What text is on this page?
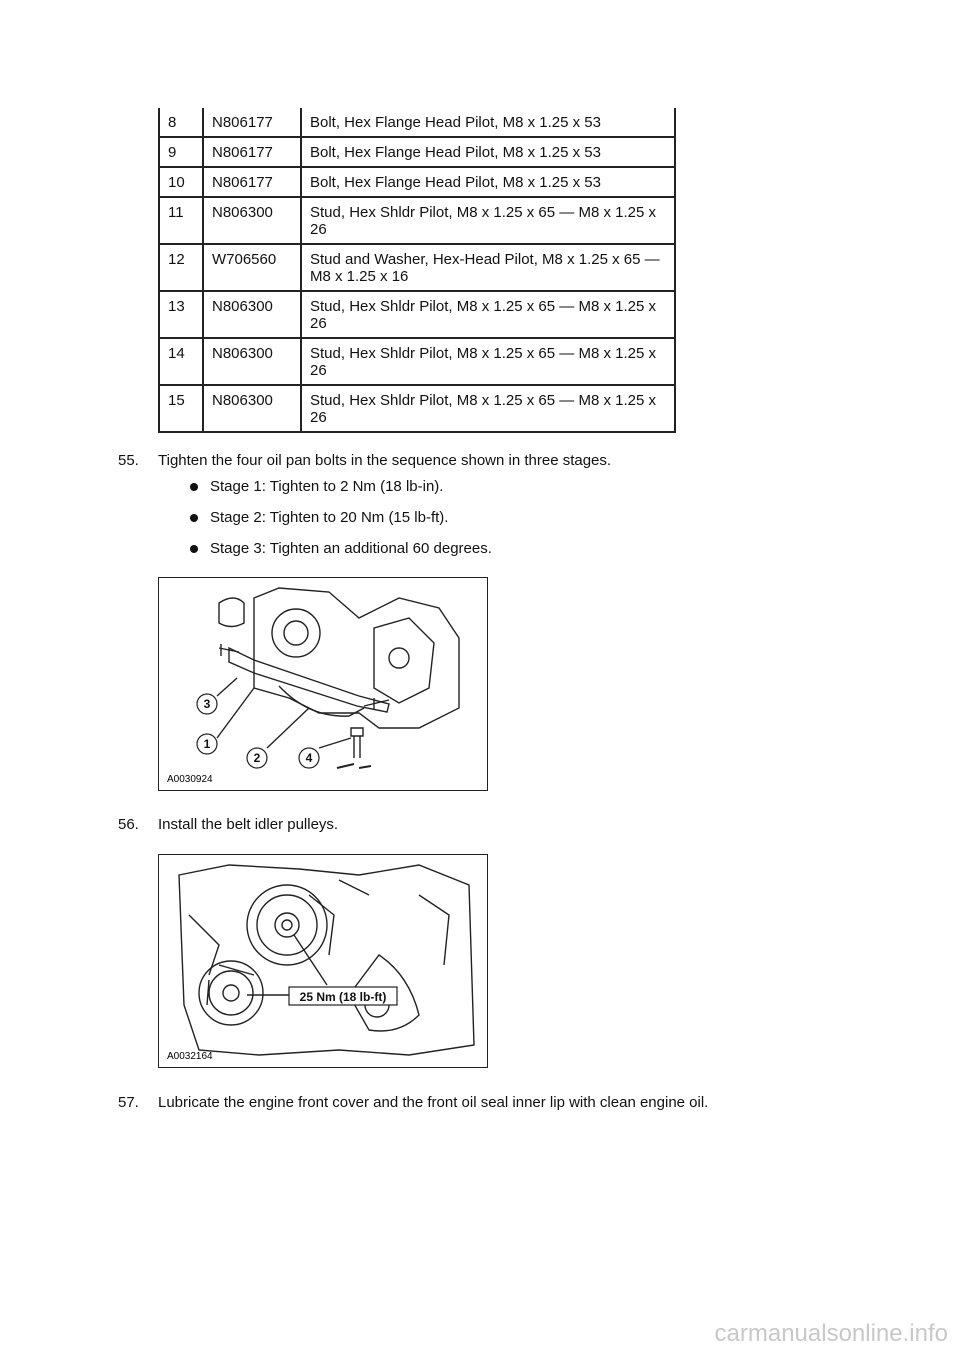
8	N806177	Bolt, Hex Flange Head Pilot, M8 x 1.25 x 53
9	N806177	Bolt, Hex Flange Head Pilot, M8 x 1.25 x 53
10	N806177	Bolt, Hex Flange Head Pilot, M8 x 1.25 x 53
11	N806300	Stud, Hex Shldr Pilot, M8 x 1.25 x 65 — M8 x 1.25 x 26
12	W706560	Stud and Washer, Hex-Head Pilot, M8 x 1.25 x 65 — M8 x 1.25 x 16
13	N806300	Stud, Hex Shldr Pilot, M8 x 1.25 x 65 — M8 x 1.25 x 26
14	N806300	Stud, Hex Shldr Pilot, M8 x 1.25 x 65 — M8 x 1.25 x 26
15	N806300	Stud, Hex Shldr Pilot, M8 x 1.25 x 65 — M8 x 1.25 x 26
55. Tighten the four oil pan bolts in the sequence shown in three stages.
Stage 1: Tighten to 2 Nm (18 lb-in).
Stage 2: Tighten to 20 Nm (15 lb-ft).
Stage 3: Tighten an additional 60 degrees.
3
1
2	4
A0030924
56. Install the belt idler pulleys.
25 Nm (18 lb-ft)
A0032164
57. Lubricate the engine front cover and the front oil seal inner lip with clean engine oil.
carmanualsonline.info
